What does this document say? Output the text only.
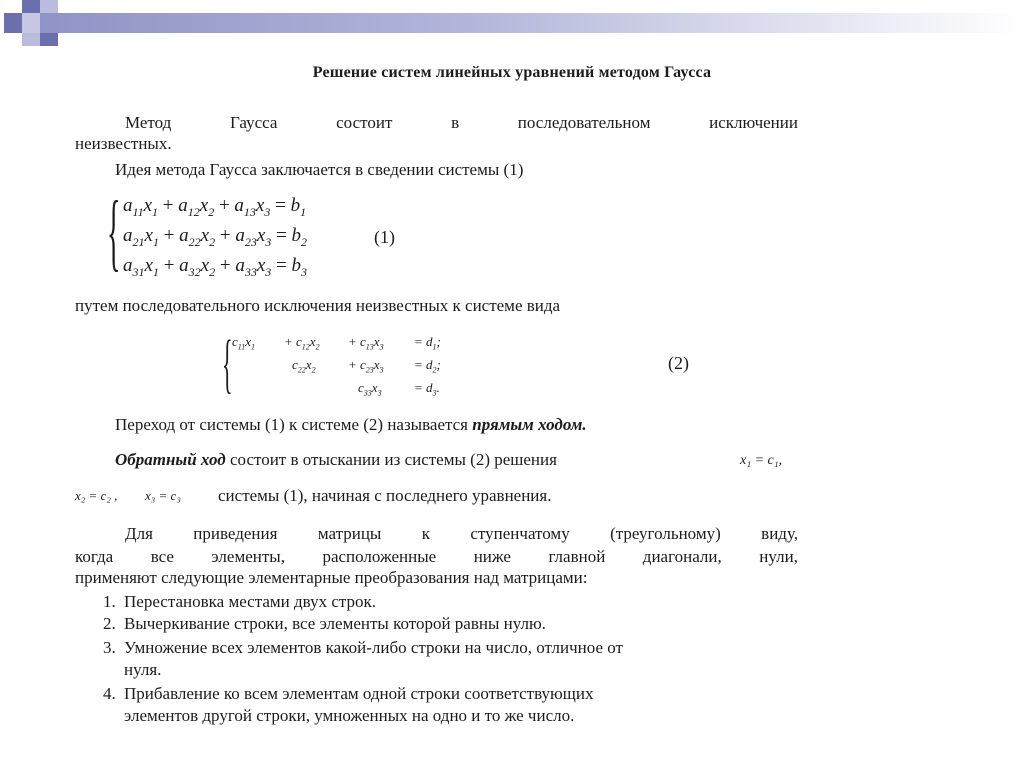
Решение систем линейных уравнений методом Гаусса
Метод	Гаусса	состоит	в	последовательном	исключении
неизвестных.
Идея метода Гаусса заключается в сведении системы (1)
{ $a_{11}x_1 + a_{12}x_2 + a_{13}x_3 = b_1$
$a_{21}x_1 + a_{22}x_2 + a_{23}x_3 = b_2$
$a_{31}x_1 + a_{32}x_2 + a_{33}x_3 = b_3$
(1)
путем последовательного исключения неизвестных к системе вида
{ $c_{11}x_1 + c_{12}x_2 + c_{13}x_3 = d_1$;
$c_{22}x_2 + c_{23}x_3 = d_2$;
$c_{33}x_3 = d_3$.
(2)
Переход от системы (1) к системе (2) называется прямым ходом.
Обратный ход состоит в отыскании из системы (2) решения	x₁ = c₁,
x₂ = c₂ , x₃ = c₃ системы (1), начиная с последнего уравнения.
Для приведения матрицы к ступенчатому (треугольному) виду,
когда все элементы, расположенные ниже главной диагонали, нули,
применяют следующие элементарные преобразования над матрицами:
1. Перестановка местами двух строк.
2. Вычеркивание строки, все элементы которой равны нулю.
3. Умножение всех элементов какой-либо строки на число, отличное от
нуля.
4. Прибавление ко всем элементам одной строки соответствующих
элементов другой строки, умноженных на одно и то же число.
